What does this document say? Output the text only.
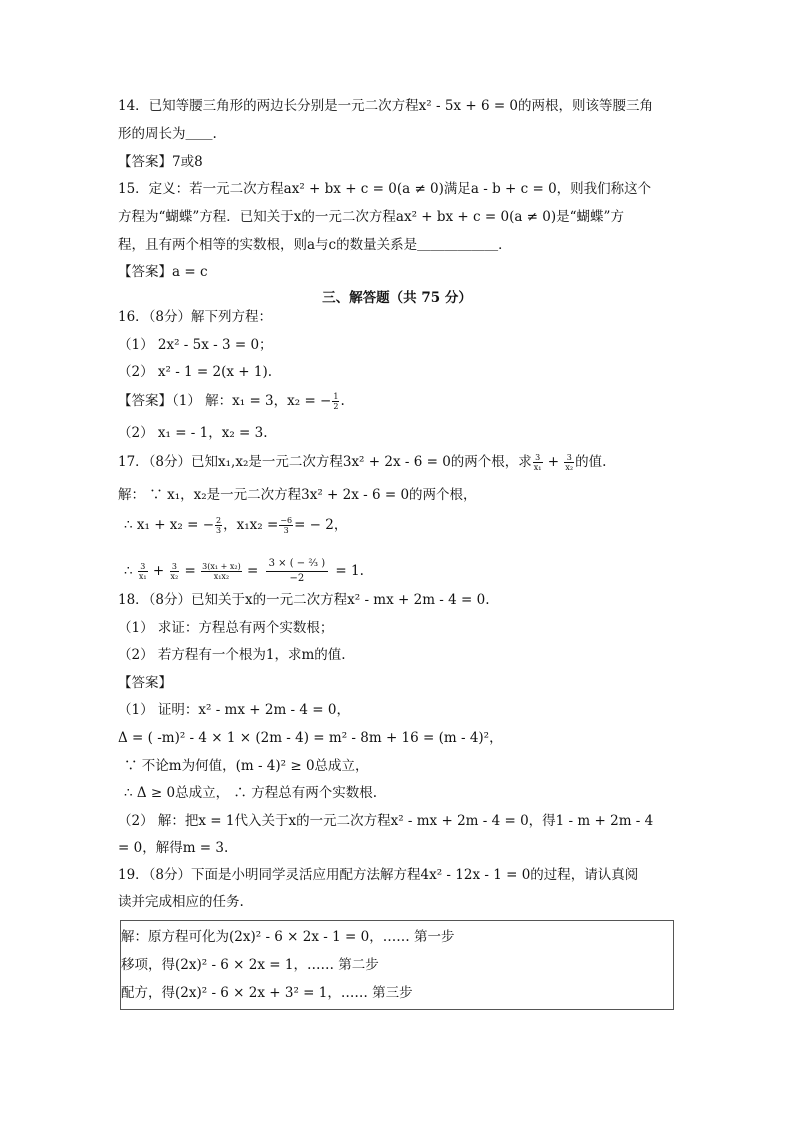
14．已知等腰三角形的两边长分别是一元二次方程x² - 5x + 6 = 0的两根，则该等腰三角
形的周长为＿＿.
【答案】7或8
15．定义：若一元二次方程ax² + bx + c = 0(a ≠ 0)满足a - b + c = 0，则我们称这个
方程为“蝴蝶”方程．已知关于x的一元二次方程ax² + bx + c = 0(a ≠ 0)是“蝴蝶”方
程，且有两个相等的实数根，则a与c的数量关系是＿＿＿＿＿＿．
【答案】a = c
三、解答题（共 75 分）
16．（8分）解下列方程：
（1） 2x² - 5x - 3 = 0；
（2） x² - 1 = 2(x + 1).
【答案】（1） 解：x₁ = 3，x₂ = − $\frac{1}{2}$ .
（2） x₁ = - 1，x₂ = 3.
17．（8分）已知x₁,x₂是一元二次方程3x² + 2x - 6 = 0的两个根，求 $\frac{3}{\text{x₁}} + \frac{3}{\text{x₂}}$ 的值.
解： ∵ x₁，x₂是一元二次方程3x² + 2x - 6 = 0的两个根，
∴ x₁ + x₂ = − $\frac{2}{3}$ ，$x_1x_2 = \frac{-6}{3}$ = − 2，
∴ $\frac{3}{\text{x₁}} + \frac{3}{\text{x₂}} = \frac{\text{3(x₁ + x₂)}}{\text{x₁x₂}} = \frac{\text{3 × ( − ²⁄₃ )}}{-2} = 1$.
18．（8分）已知关于x的一元二次方程x² - mx + 2m - 4 = 0.
（1） 求证：方程总有两个实数根；
（2） 若方程有一个根为1，求m的值.
【答案】
（1） 证明：x² - mx + 2m - 4 = 0，
Δ = ( -m)² - 4 × 1 × (2m - 4) = m² - 8m + 16 = (m - 4)²，
∵ 不论m为何值，(m - 4)² ≥ 0总成立，
∴ Δ ≥ 0总成立， ∴ 方程总有两个实数根.
（2） 解：把x = 1代入关于x的一元二次方程x² - mx + 2m - 4 = 0，得1 - m + 2m - 4
= 0，解得m = 3.
19．（8分）下面是小明同学灵活应用配方法解方程4x² - 12x - 1 = 0的过程，请认真阅
读并完成相应的任务.
解：原方程可化为(2x)² - 6 × 2x - 1 = 0，…… 第一步
移项，得(2x)² - 6 × 2x = 1，…… 第二步
配方，得(2x)² - 6 × 2x + 3² = 1，…… 第三步
